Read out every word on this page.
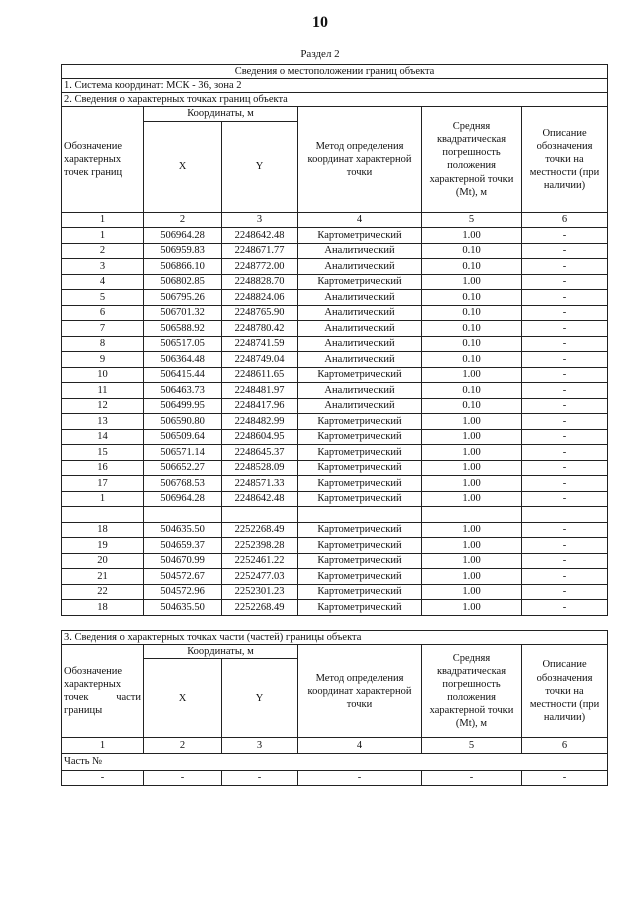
10
Раздел 2
Сведения о местоположении границ объекта					
1. Система координат: МСК - 36, зона 2					
2. Сведения о характерных точках границ объекта					
Обозначение характерных точек границ	Координаты, м		Метод определения координат характерной точки	Средняя квадратическая погрешность положения характерной точки (Mt), м	Описание обозначения точки на местности (при наличии)
	X	Y			
1	2	3	4	5	6
1	506964.28	2248642.48	Картометрический	1.00	-
2	506959.83	2248671.77	Аналитический	0.10	-
3	506866.10	2248772.00	Аналитический	0.10	-
4	506802.85	2248828.70	Картометрический	1.00	-
5	506795.26	2248824.06	Аналитический	0.10	-
6	506701.32	2248765.90	Аналитический	0.10	-
7	506588.92	2248780.42	Аналитический	0.10	-
8	506517.05	2248741.59	Аналитический	0.10	-
9	506364.48	2248749.04	Аналитический	0.10	-
10	506415.44	2248611.65	Картометрический	1.00	-
11	506463.73	2248481.97	Аналитический	0.10	-
12	506499.95	2248417.96	Аналитический	0.10	-
13	506590.80	2248482.99	Картометрический	1.00	-
14	506509.64	2248604.95	Картометрический	1.00	-
15	506571.14	2248645.37	Картометрический	1.00	-
16	506652.27	2248528.09	Картометрический	1.00	-
17	506768.53	2248571.33	Картометрический	1.00	-
1	506964.28	2248642.48	Картометрический	1.00	-

18	504635.50	2252268.49	Картометрический	1.00	-
19	504659.37	2252398.28	Картометрический	1.00	-
20	504670.99	2252461.22	Картометрический	1.00	-
21	504572.67	2252477.03	Картометрический	1.00	-
22	504572.96	2252301.23	Картометрический	1.00	-
18	504635.50	2252268.49	Картометрический	1.00	-
3. Сведения о характерных точках части (частей) границы объекта					
Обозначение характерных точек части границы	Координаты, м		Метод определения координат характерной точки	Средняя квадратическая погрешность положения характерной точки (Mt), м	Описание обозначения точки на местности (при наличии)
	X	Y			
1	2	3	4	5	6
Часть №					
-	-	-	-	-	-
